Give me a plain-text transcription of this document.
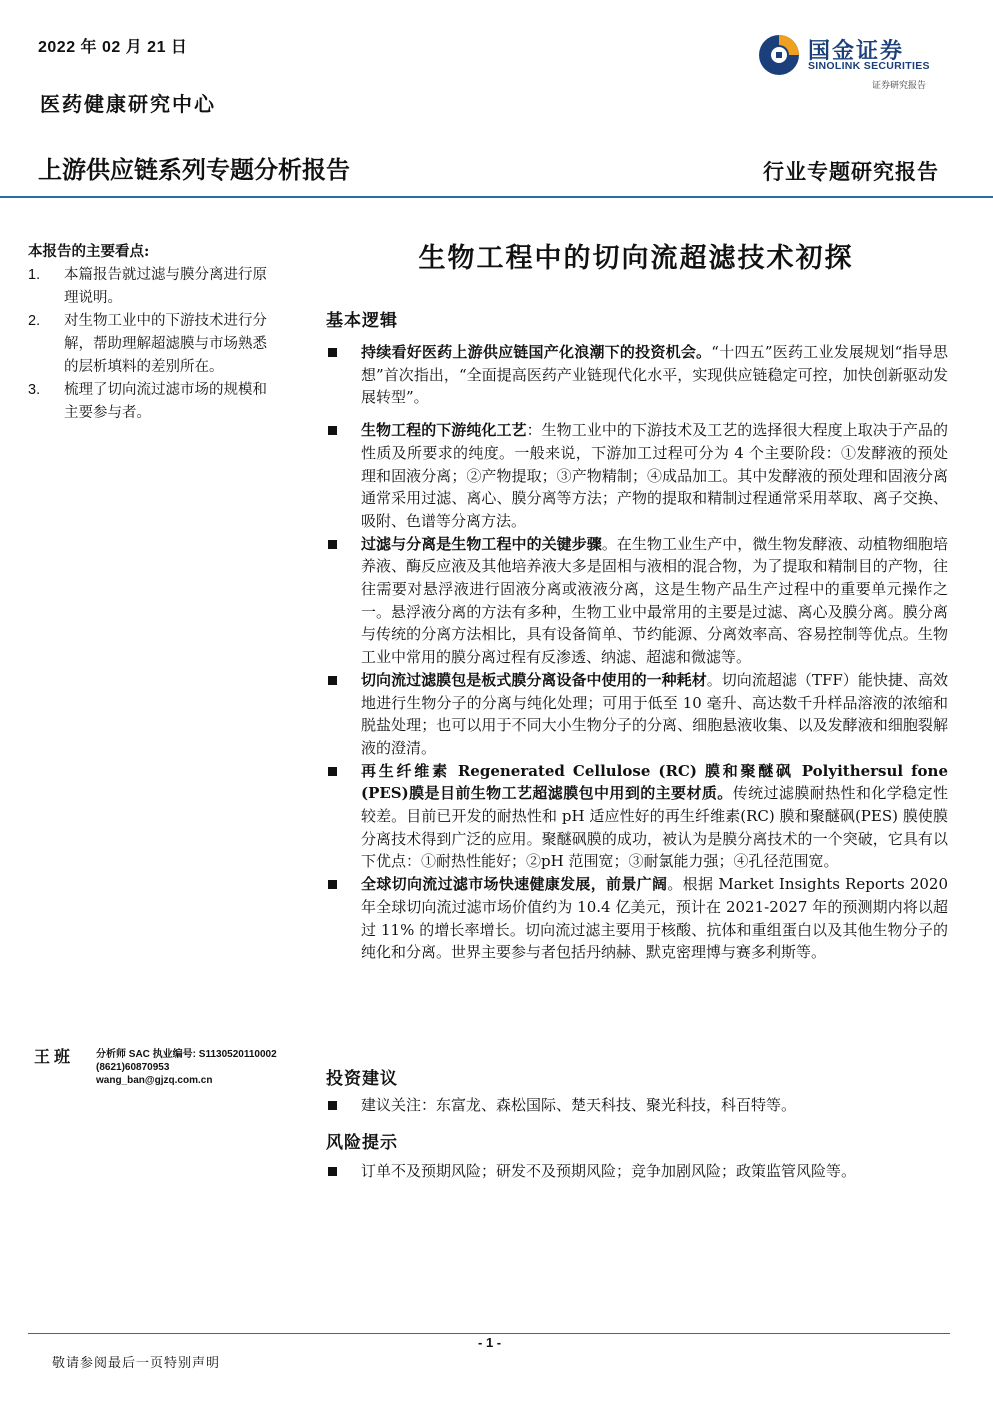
2022 年 02 月 21 日
医药健康研究中心
上游供应链系列专题分析报告	行业专题研究报告
国金证券
SINOLINK SECURITIES
证券研究报告
本报告的主要看点:
1. 本篇报告就过滤与膜分离进行原理说明。
2. 对生物工业中的下游技术进行分解，帮助理解超滤膜与市场熟悉的层析填料的差别所在。
3. 梳理了切向流过滤市场的规模和主要参与者。
王班 分析师 SAC 执业编号: S1130520110002
(8621)60870953
wang_ban@gjzq.com.cn
生物工程中的切向流超滤技术初探
基本逻辑
持续看好医药上游供应链国产化浪潮下的投资机会。“十四五”医药工业发展规划“指导思想”首次指出，“全面提高医药产业链现代化水平，实现供应链稳定可控，加快创新驱动发展转型”。
生物工程的下游纯化工艺：生物工业中的下游技术及工艺的选择很大程度上取决于产品的性质及所要求的纯度。一般来说，下游加工过程可分为 4 个主要阶段：①发酵液的预处理和固液分离；②产物提取；③产物精制；④成品加工。其中发酵液的预处理和固液分离通常采用过滤、离心、膜分离等方法；产物的提取和精制过程通常采用萃取、离子交换、吸附、色谱等分离方法。
过滤与分离是生物工程中的关键步骤。在生物工业生产中，微生物发酵液、动植物细胞培养液、酶反应液及其他培养液大多是固相与液相的混合物，为了提取和精制目的产物，往往需要对悬浮液进行固液分离或液液分离，这是生物产品生产过程中的重要单元操作之一。悬浮液分离的方法有多种，生物工业中最常用的主要是过滤、离心及膜分离。膜分离与传统的分离方法相比，具有设备简单、节约能源、分离效率高、容易控制等优点。生物工业中常用的膜分离过程有反渗透、纳滤、超滤和微滤等。
切向流过滤膜包是板式膜分离设备中使用的一种耗材。切向流超滤（TFF）能快捷、高效地进行生物分子的分离与纯化处理；可用于低至 10 毫升、高达数千升样品溶液的浓缩和脱盐处理；也可以用于不同大小生物分子的分离、细胞悬液收集、以及发酵液和细胞裂解液的澄清。
再生纤维素 Regenerated Cellulose (RC) 膜和聚醚砜 Polyithersul fone (PES)膜是目前生物工艺超滤膜包中用到的主要材质。传统过滤膜耐热性和化学稳定性较差。目前已开发的耐热性和 pH 适应性好的再生纤维素(RC) 膜和聚醚砜(PES) 膜使膜分离技术得到广泛的应用。聚醚砜膜的成功，被认为是膜分离技术的一个突破，它具有以下优点：①耐热性能好；②pH 范围宽；③耐氯能力强；④孔径范围宽。
全球切向流过滤市场快速健康发展，前景广阔。根据 Market Insights Reports 2020 年全球切向流过滤市场价值约为 10.4 亿美元，预计在 2021-2027 年的预测期内将以超过 11% 的增长率增长。切向流过滤主要用于核酸、抗体和重组蛋白以及其他生物分子的纯化和分离。世界主要参与者包括丹纳赫、默克密理博与赛多利斯等。
投资建议
建议关注：东富龙、森松国际、楚天科技、聚光科技，科百特等。
风险提示
订单不及预期风险；研发不及预期风险；竞争加剧风险；政策监管风险等。
- 1 -
敬请参阅最后一页特别声明
